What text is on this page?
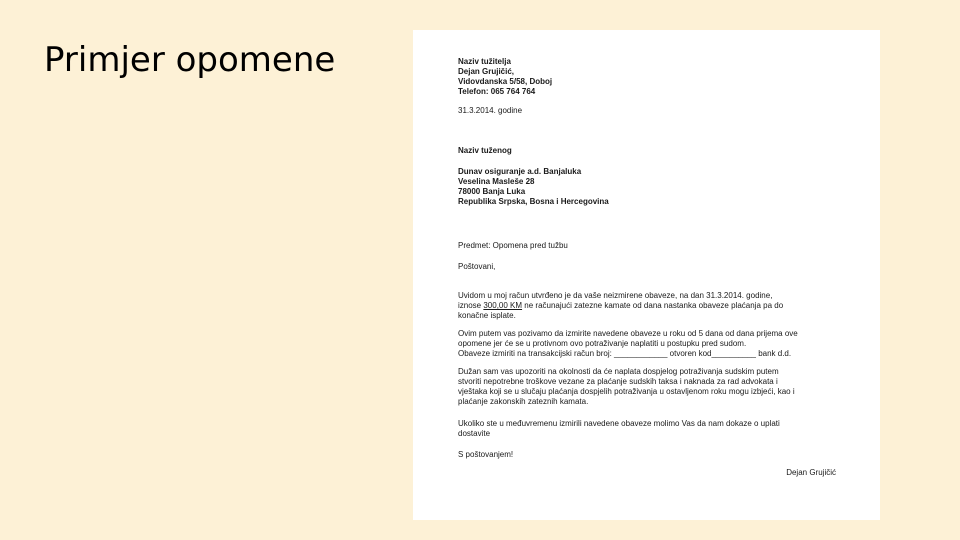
Primjer opomene	Naziv tužitelja

Dejan Grujičić,

Vidovdanska 5/58, Doboj

Telefon: 065 764 764

31.3.2014. godine
Naziv tuženog

Dunav osiguranje a.d. Banjaluka

Veselina Masleše 28

78000 Banja Luka

Republika Srpska, Bosna i Hercegovina

Predmet: Opomena pred tužbu
Poštovani,

Uvidom u moj račun utvrđeno je da vaše neizmirene obaveze, na dan 31.3.2014. godine,

iznose 300,00 KM ne računajući zatezne kamate od dana nastanka obaveze plaćanja pa do

konačne isplate.

Ovim putem vas pozivamo da izmirite navedene obaveze u roku od 5 dana od dana prijema ove

opomene jer će se u protivnom ovo potraživanje naplatiti u postupku pred sudom.

Obaveze izmiriti na transakcijski račun broj: ____________ otvoren kod__________ bank d.d.

Dužan sam vas upozoriti na okolnosti da će naplata dospjelog potraživanja sudskim putem

stvoriti nepotrebne troškove vezane za plaćanje sudskih taksa i naknada za rad advokata i

vještaka koji se u slučaju plaćanja dospjelih potraživanja u ostavljenom roku mogu izbjeći, kao i

plaćanje zakonskih zateznih kamata.

Ukoliko ste u međuvremenu izmirili navedene obaveze molimo Vas da nam dokaze o uplati

dostavite

S poštovanjem!
Dejan Grujičić
